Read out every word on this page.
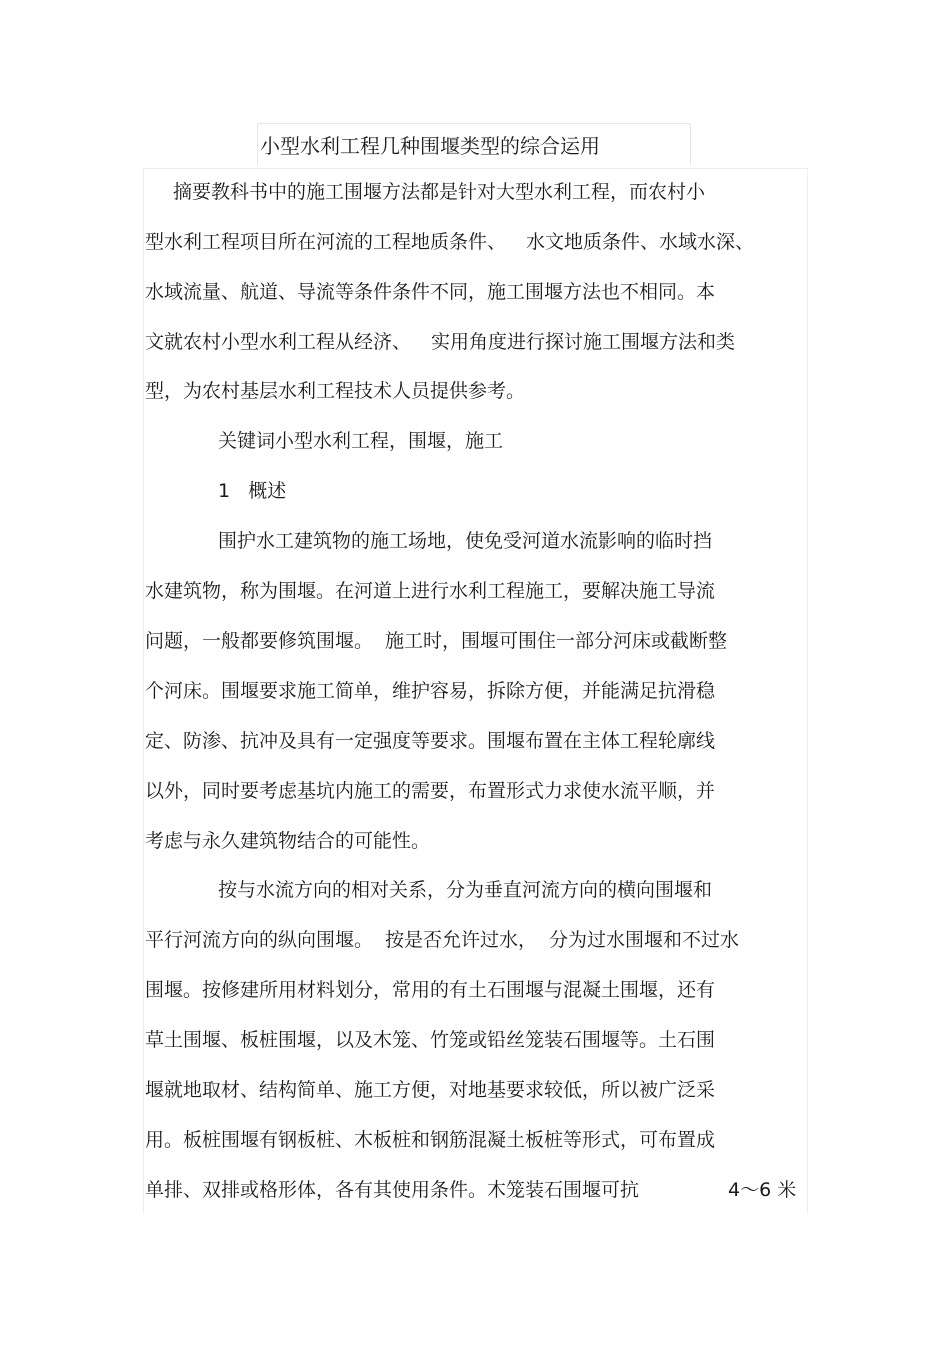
小型水利工程几种围堰类型的综合运用
摘要教科书中的施工围堰方法都是针对大型水利工程，而农村小
型水利工程项目所在河流的工程地质条件、 水文地质条件、水域水深、
水域流量、航道、导流等条件条件不同，施工围堰方法也不相同。本
文就农村小型水利工程从经济、 实用角度进行探讨施工围堰方法和类
型，为农村基层水利工程技术人员提供参考。
关键词小型水利工程，围堰，施工
1   概述
围护水工建筑物的施工场地，使免受河道水流影响的临时挡
水建筑物，称为围堰。在河道上进行水利工程施工，要解决施工导流
问题，一般都要修筑围堰。 施工时，围堰可围住一部分河床或截断整
个河床。围堰要求施工简单，维护容易，拆除方便，并能满足抗滑稳
定、防渗、抗冲及具有一定强度等要求。围堰布置在主体工程轮廓线
以外，同时要考虑基坑内施工的需要，布置形式力求使水流平顺，并
考虑与永久建筑物结合的可能性。
按与水流方向的相对关系，分为垂直河流方向的横向围堰和
平行河流方向的纵向围堰。 按是否允许过水， 分为过水围堰和不过水
围堰。按修建所用材料划分，常用的有土石围堰与混凝土围堰，还有
草土围堰、板桩围堰，以及木笼、竹笼或铅丝笼装石围堰等。土石围
堰就地取材、结构简单、施工方便，对地基要求较低，所以被广泛采
用。板桩围堰有钢板桩、木板桩和钢筋混凝土板桩等形式，可布置成
单排、双排或格形体，各有其使用条件。木笼装石围堰可抗	4～6 米
